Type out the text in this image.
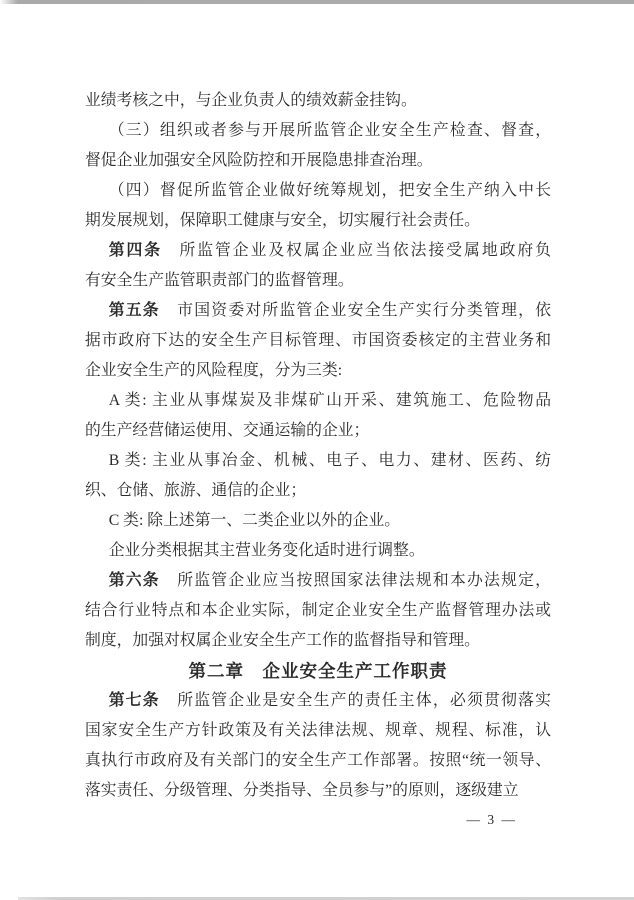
业绩考核之中，与企业负责人的绩效薪金挂钩。
（三）组织或者参与开展所监管企业安全生产检查、督查，
督促企业加强安全风险防控和开展隐患排查治理。
（四）督促所监管企业做好统筹规划，把安全生产纳入中长
期发展规划，保障职工健康与安全，切实履行社会责任。
第四条 所监管企业及权属企业应当依法接受属地政府负
有安全生产监管职责部门的监督管理。
第五条 市国资委对所监管企业安全生产实行分类管理，依
据市政府下达的安全生产目标管理、市国资委核定的主营业务和
企业安全生产的风险程度，分为三类:
A 类: 主业从事煤炭及非煤矿山开采、建筑施工、危险物品
的生产经营储运使用、交通运输的企业；
B 类: 主业从事冶金、机械、电子、电力、建材、医药、纺
织、仓储、旅游、通信的企业；
C 类: 除上述第一、二类企业以外的企业。
企业分类根据其主营业务变化适时进行调整。
第六条 所监管企业应当按照国家法律法规和本办法规定，
结合行业特点和本企业实际，制定企业安全生产监督管理办法或
制度，加强对权属企业安全生产工作的监督指导和管理。
第二章　企业安全生产工作职责
第七条 所监管企业是安全生产的责任主体，必须贯彻落实
国家安全生产方针政策及有关法律法规、规章、规程、标准，认
真执行市政府及有关部门的安全生产工作部署。按照“统一领导、
落实责任、分级管理、分类指导、全员参与”的原则，逐级建立
— 3 —
